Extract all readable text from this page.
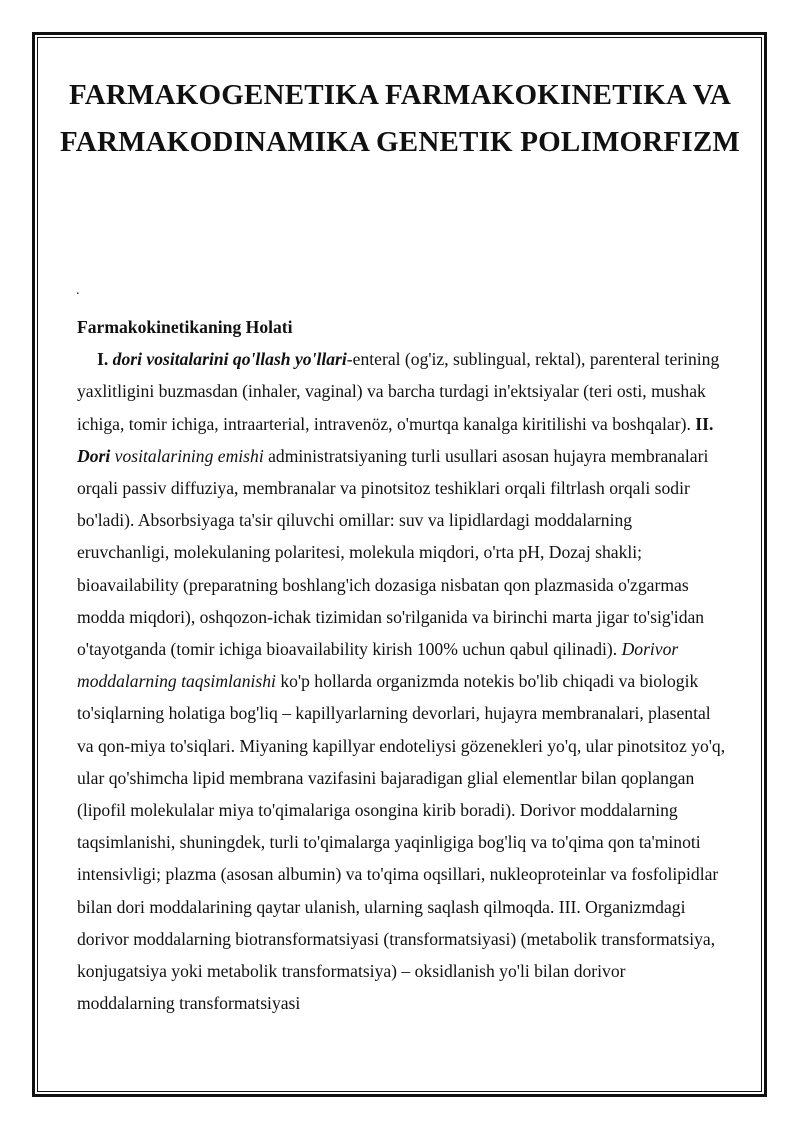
FARMAKOGENETIKA FARMAKOKINETIKA VA FARMAKODINAMIKA GENETIK POLIMORFIZM
.

Farmakokinetikaning Holati

I. dori vositalarini qo'llash yo'llari-enteral (og'iz, sublingual, rektal), parenteral terining yaxlitligini buzmasdan (inhaler, vaginal) va barcha turdagi in'ektsiyalar (teri osti, mushak ichiga, tomir ichiga, intraarterial, intravenöz, o'murtqa kanalga kiritilishi va boshqalar). II. Dori vositalarining emishi administratsiyaning turli usullari asosan hujayra membranalari orqali passiv diffuziya, membranalar va pinotsitoz teshiklari orqali filtrlash orqali sodir bo'ladi). Absorbsiyaga ta'sir qiluvchi omillar: suv va lipidlardagi moddalarning eruvchanligi, molekulaning polaritesi, molekula miqdori, o'rta pH, Dozaj shakli; bioavailability (preparatning boshlang'ich dozasiga nisbatan qon plazmasida o'zgarmas modda miqdori), oshqozon-ichak tizimidan so'rilganida va birinchi marta jigar to'sig'idan o'tayotganda (tomir ichiga bioavailability kirish 100% uchun qabul qilinadi). Dorivor moddalarning taqsimlanishi ko'p hollarda organizmda notekis bo'lib chiqadi va biologik to'siqlarning holatiga bog'liq – kapillyarlarning devorlari, hujayra membranalari, plasental va qon-miya to'siqlari. Miyaning kapillyar endoteliysi gözenekleri yo'q, ular pinotsitoz yo'q, ular qo'shimcha lipid membrana vazifasini bajaradigan glial elementlar bilan qoplangan (lipofil molekulalar miya to'qimalariga osongina kirib boradi). Dorivor moddalarning taqsimlanishi, shuningdek, turli to'qimalarga yaqinligiga bog'liq va to'qima qon ta'minoti intensivligi; plazma (asosan albumin) va to'qima oqsillari, nukleoproteinlar va fosfolipidlar bilan dori moddalarining qaytar ulanish, ularning saqlash qilmoqda. III. Organizmdagi dorivor moddalarning biotransformatsiyasi (transformatsiyasi) (metabolik transformatsiya, konjugatsiya yoki metabolik transformatsiya) – oksidlanish yo'li bilan dorivor moddalarning transformatsiyasi
